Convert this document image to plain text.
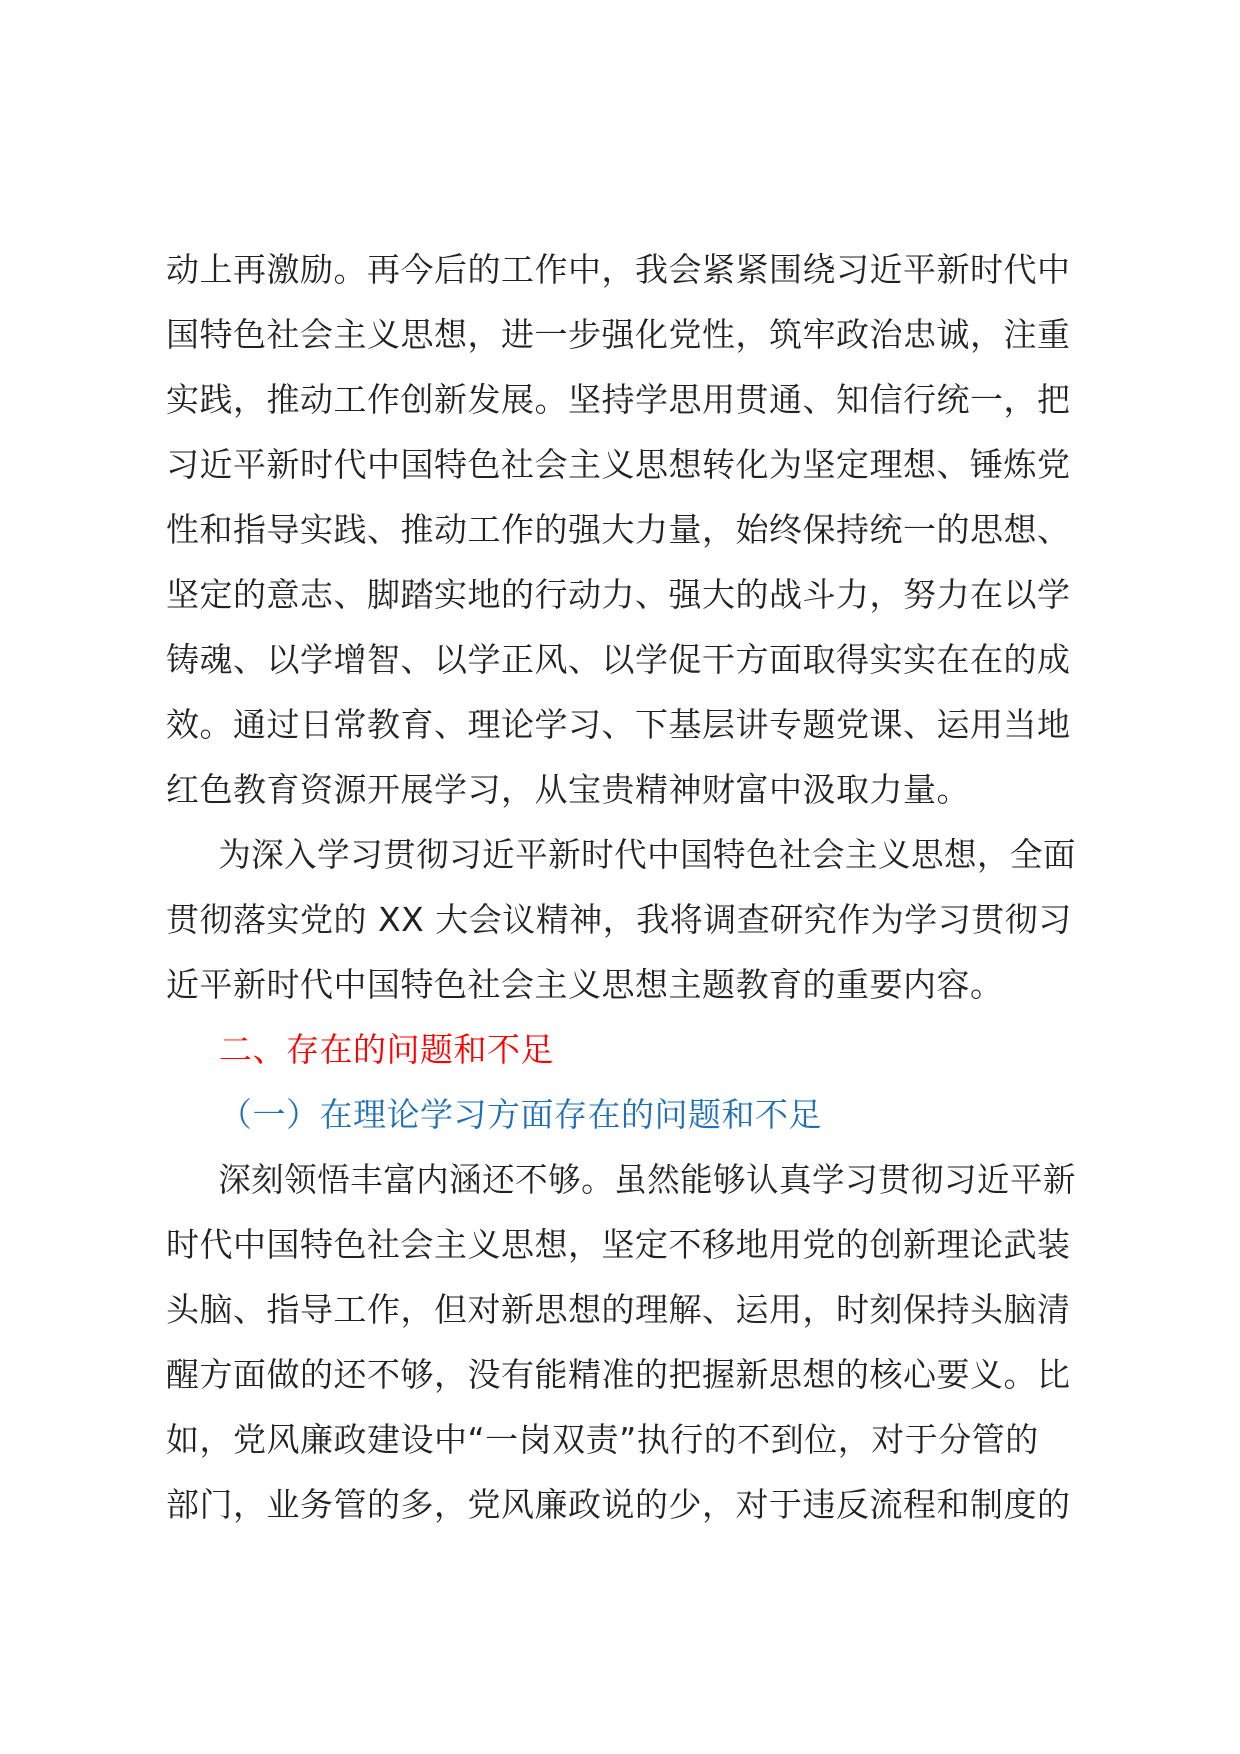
动上再激励。再今后的工作中，我会紧紧围绕习近平新时代中
国特色社会主义思想，进一步强化党性，筑牢政治忠诚，注重
实践，推动工作创新发展。坚持学思用贯通、知信行统一，把
习近平新时代中国特色社会主义思想转化为坚定理想、锤炼党
性和指导实践、推动工作的强大力量，始终保持统一的思想、
坚定的意志、脚踏实地的行动力、强大的战斗力，努力在以学
铸魂、以学增智、以学正风、以学促干方面取得实实在在的成
效。通过日常教育、理论学习、下基层讲专题党课、运用当地
红色教育资源开展学习，从宝贵精神财富中汲取力量。
为深入学习贯彻习近平新时代中国特色社会主义思想，全面
贯彻落实党的 XX 大会议精神，我将调查研究作为学习贯彻习
近平新时代中国特色社会主义思想主题教育的重要内容。
二、存在的问题和不足
（一）在理论学习方面存在的问题和不足
深刻领悟丰富内涵还不够。虽然能够认真学习贯彻习近平新
时代中国特色社会主义思想，坚定不移地用党的创新理论武装
头脑、指导工作，但对新思想的理解、运用，时刻保持头脑清
醒方面做的还不够，没有能精准的把握新思想的核心要义。比
如，党风廉政建设中“一岗双责”执行的不到位，对于分管的
部门，业务管的多，党风廉政说的少，对于违反流程和制度的
